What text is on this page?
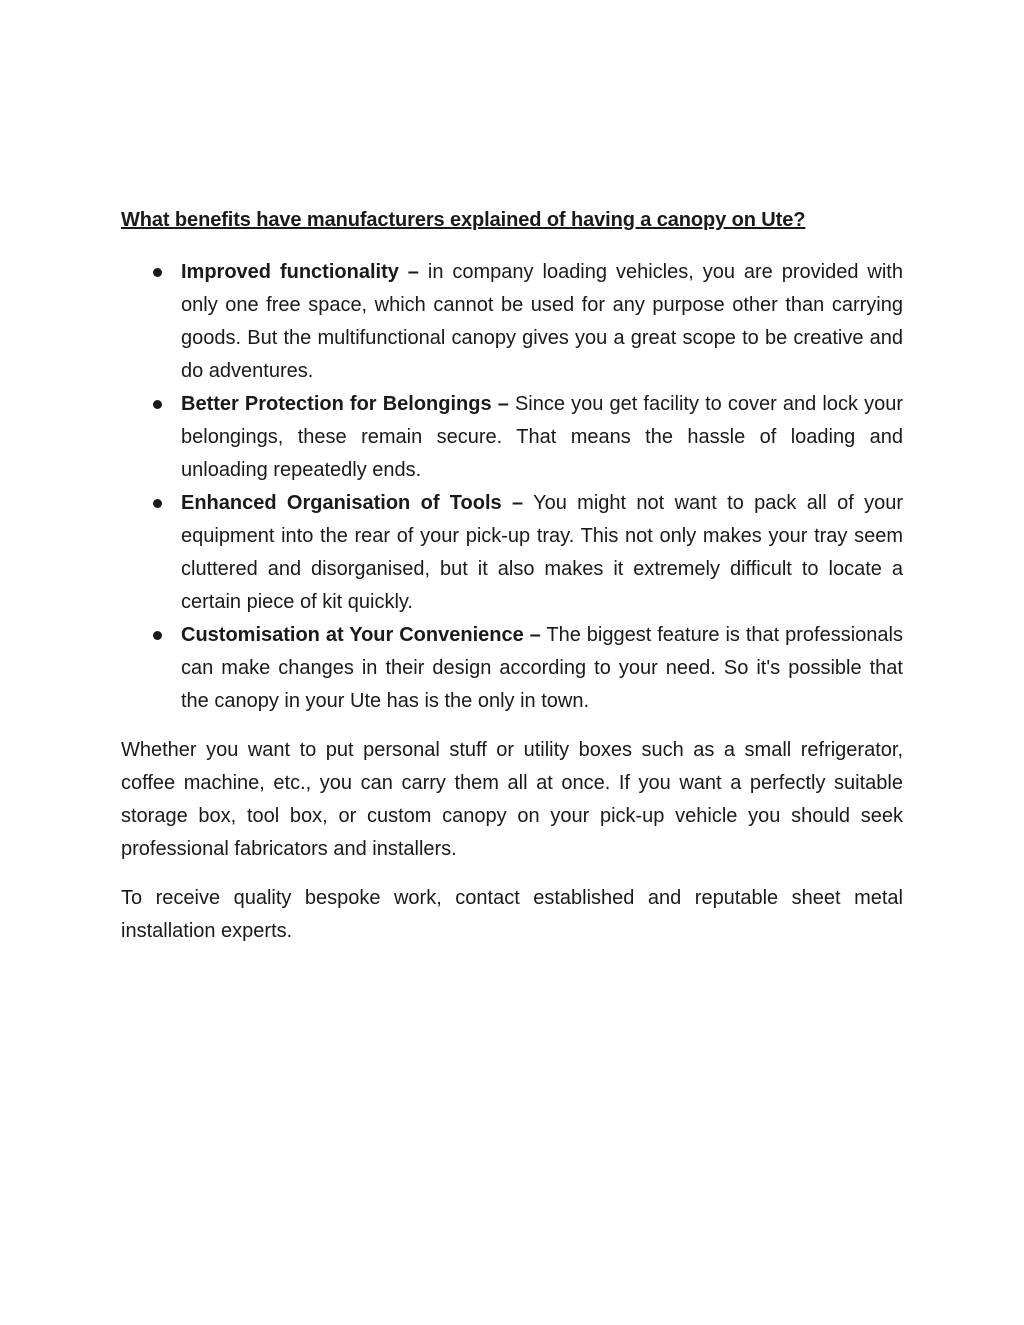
What benefits have manufacturers explained of having a canopy on Ute?
Improved functionality – in company loading vehicles, you are provided with only one free space, which cannot be used for any purpose other than carrying goods. But the multifunctional canopy gives you a great scope to be creative and do adventures.
Better Protection for Belongings – Since you get facility to cover and lock your belongings, these remain secure. That means the hassle of loading and unloading repeatedly ends.
Enhanced Organisation of Tools – You might not want to pack all of your equipment into the rear of your pick-up tray. This not only makes your tray seem cluttered and disorganised, but it also makes it extremely difficult to locate a certain piece of kit quickly.
Customisation at Your Convenience – The biggest feature is that professionals can make changes in their design according to your need. So it's possible that the canopy in your Ute has is the only in town.

Whether you want to put personal stuff or utility boxes such as a small refrigerator, coffee machine, etc., you can carry them all at once. If you want a perfectly suitable storage box, tool box, or custom canopy on your pick-up vehicle you should seek professional fabricators and installers.

To receive quality bespoke work, contact established and reputable sheet metal installation experts.
